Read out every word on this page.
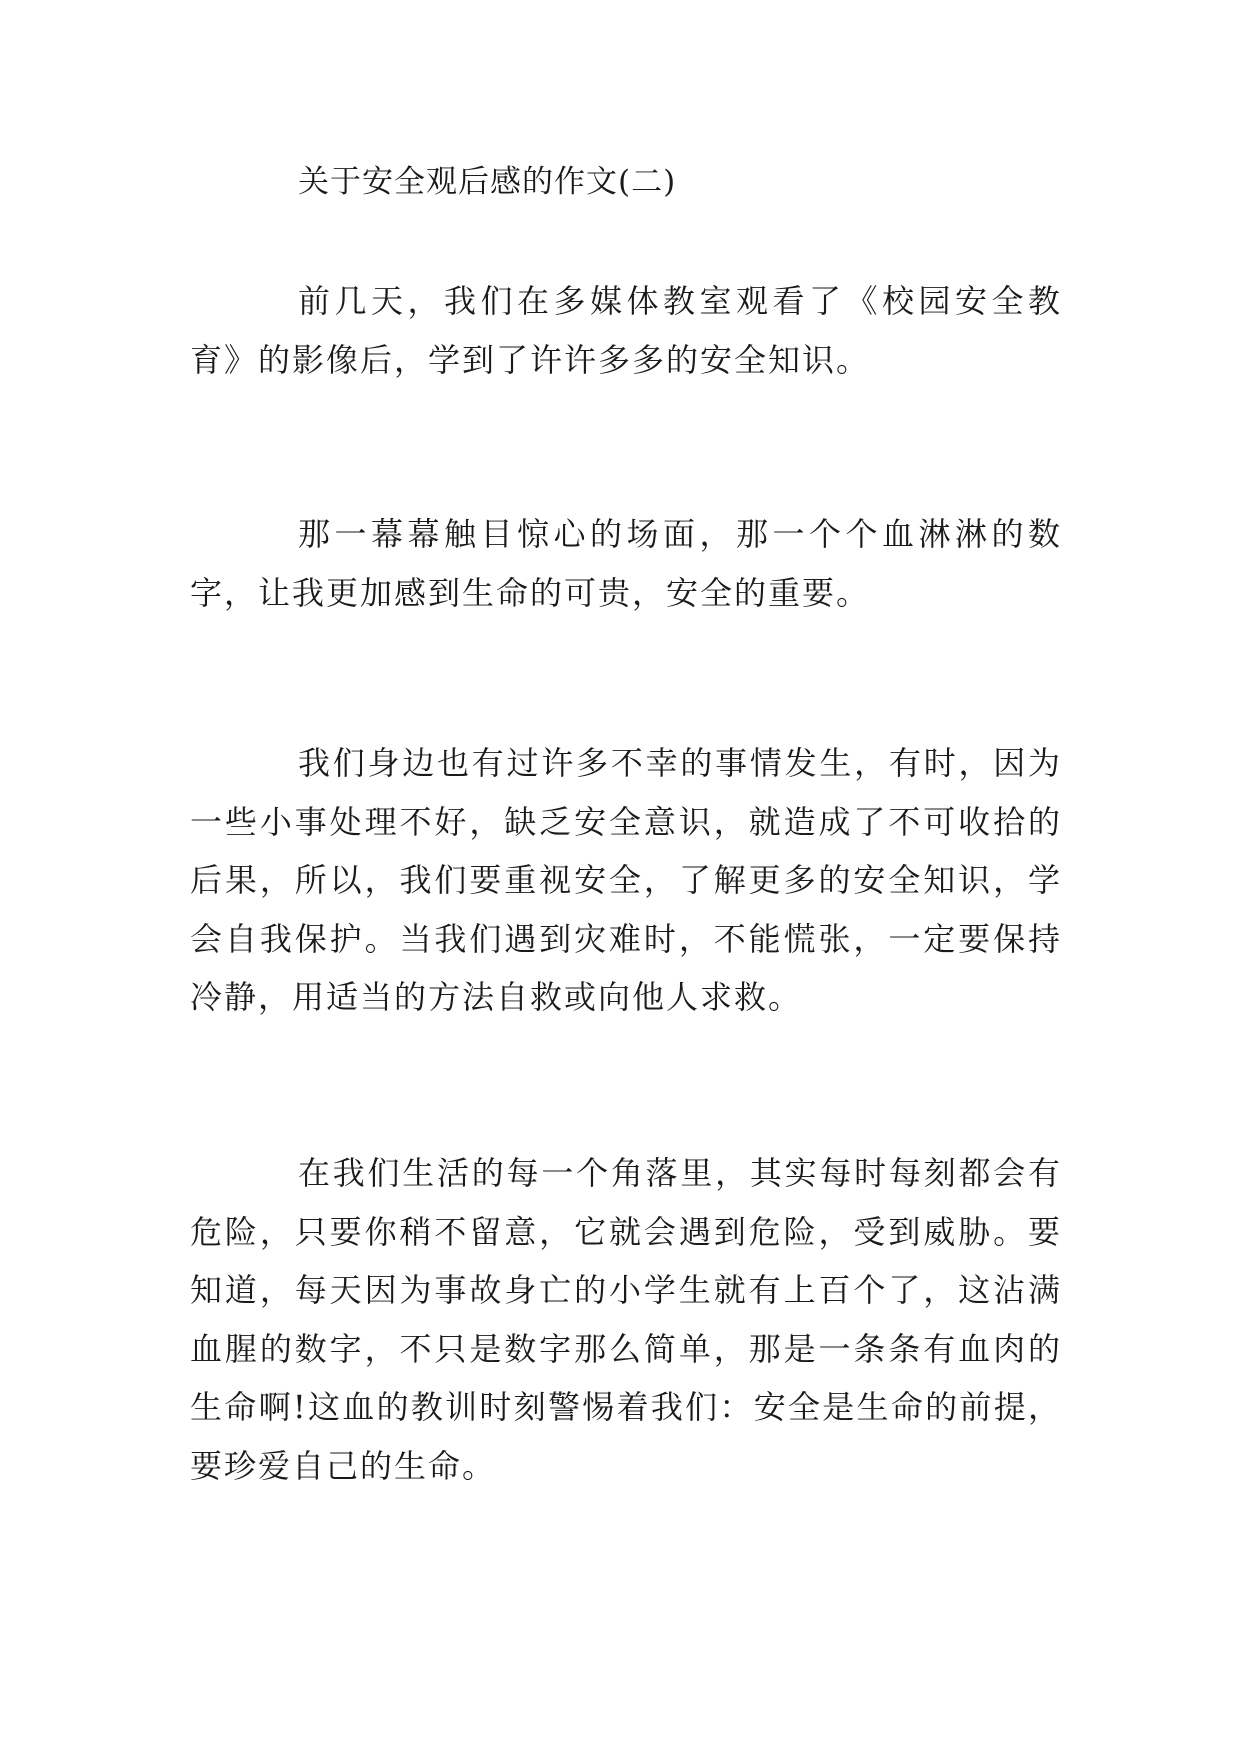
关于安全观后感的作文(二)

前几天，我们在多媒体教室观看了《校园安全教育》的影像后，学到了许许多多的安全知识。

那一幕幕触目惊心的场面，那一个个血淋淋的数字，让我更加感到生命的可贵，安全的重要。

我们身边也有过许多不幸的事情发生，有时，因为一些小事处理不好，缺乏安全意识，就造成了不可收拾的后果，所以，我们要重视安全，了解更多的安全知识，学会自我保护。当我们遇到灾难时，不能慌张，一定要保持冷静，用适当的方法自救或向他人求救。

在我们生活的每一个角落里，其实每时每刻都会有危险，只要你稍不留意，它就会遇到危险，受到威胁。要知道，每天因为事故身亡的小学生就有上百个了，这沾满血腥的数字，不只是数字那么简单，那是一条条有血肉的生命啊!这血的教训时刻警惕着我们：安全是生命的前提，要珍爱自己的生命。
